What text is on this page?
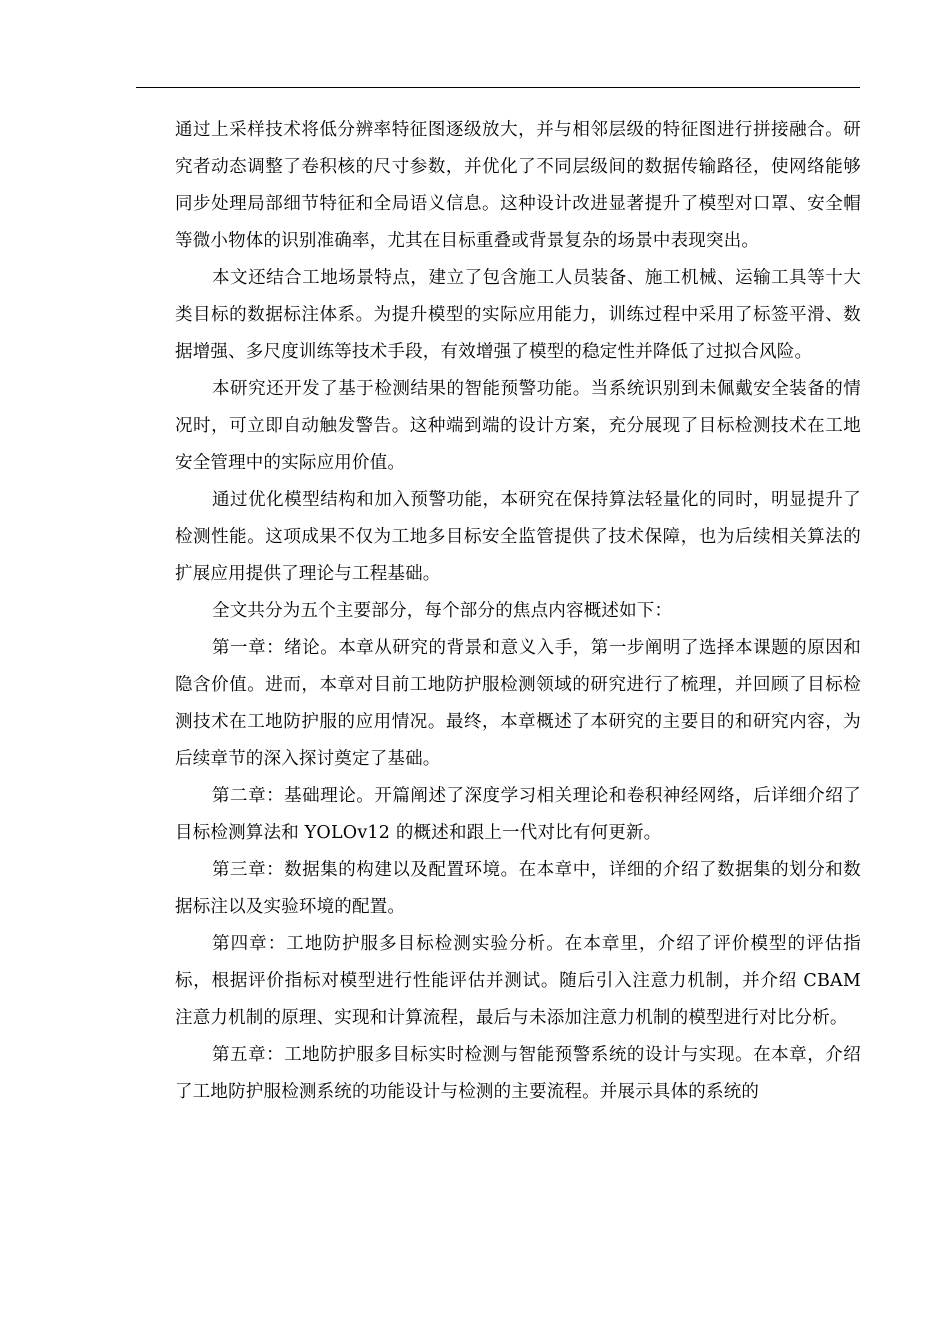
通过上采样技术将低分辨率特征图逐级放大，并与相邻层级的特征图进行拼接融合。研究者动态调整了卷积核的尺寸参数，并优化了不同层级间的数据传输路径，使网络能够同步处理局部细节特征和全局语义信息。这种设计改进显著提升了模型对口罩、安全帽等微小物体的识别准确率，尤其在目标重叠或背景复杂的场景中表现突出。

本文还结合工地场景特点，建立了包含施工人员装备、施工机械、运输工具等十大类目标的数据标注体系。为提升模型的实际应用能力，训练过程中采用了标签平滑、数据增强、多尺度训练等技术手段，有效增强了模型的稳定性并降低了过拟合风险。

本研究还开发了基于检测结果的智能预警功能。当系统识别到未佩戴安全装备的情况时，可立即自动触发警告。这种端到端的设计方案，充分展现了目标检测技术在工地安全管理中的实际应用价值。

通过优化模型结构和加入预警功能，本研究在保持算法轻量化的同时，明显提升了检测性能。这项成果不仅为工地多目标安全监管提供了技术保障，也为后续相关算法的扩展应用提供了理论与工程基础。

全文共分为五个主要部分，每个部分的焦点内容概述如下：

第一章：绪论。本章从研究的背景和意义入手，第一步阐明了选择本课题的原因和隐含价值。进而，本章对目前工地防护服检测领域的研究进行了梳理，并回顾了目标检测技术在工地防护服的应用情况。最终，本章概述了本研究的主要目的和研究内容，为后续章节的深入探讨奠定了基础。

第二章：基础理论。开篇阐述了深度学习相关理论和卷积神经网络，后详细介绍了目标检测算法和 YOLOv12 的概述和跟上一代对比有何更新。

第三章：数据集的构建以及配置环境。在本章中，详细的介绍了数据集的划分和数据标注以及实验环境的配置。

第四章：工地防护服多目标检测实验分析。在本章里，介绍了评价模型的评估指标，根据评价指标对模型进行性能评估并测试。随后引入注意力机制，并介绍 CBAM 注意力机制的原理、实现和计算流程，最后与未添加注意力机制的模型进行对比分析。

第五章：工地防护服多目标实时检测与智能预警系统的设计与实现。在本章，介绍了工地防护服检测系统的功能设计与检测的主要流程。并展示具体的系统的
